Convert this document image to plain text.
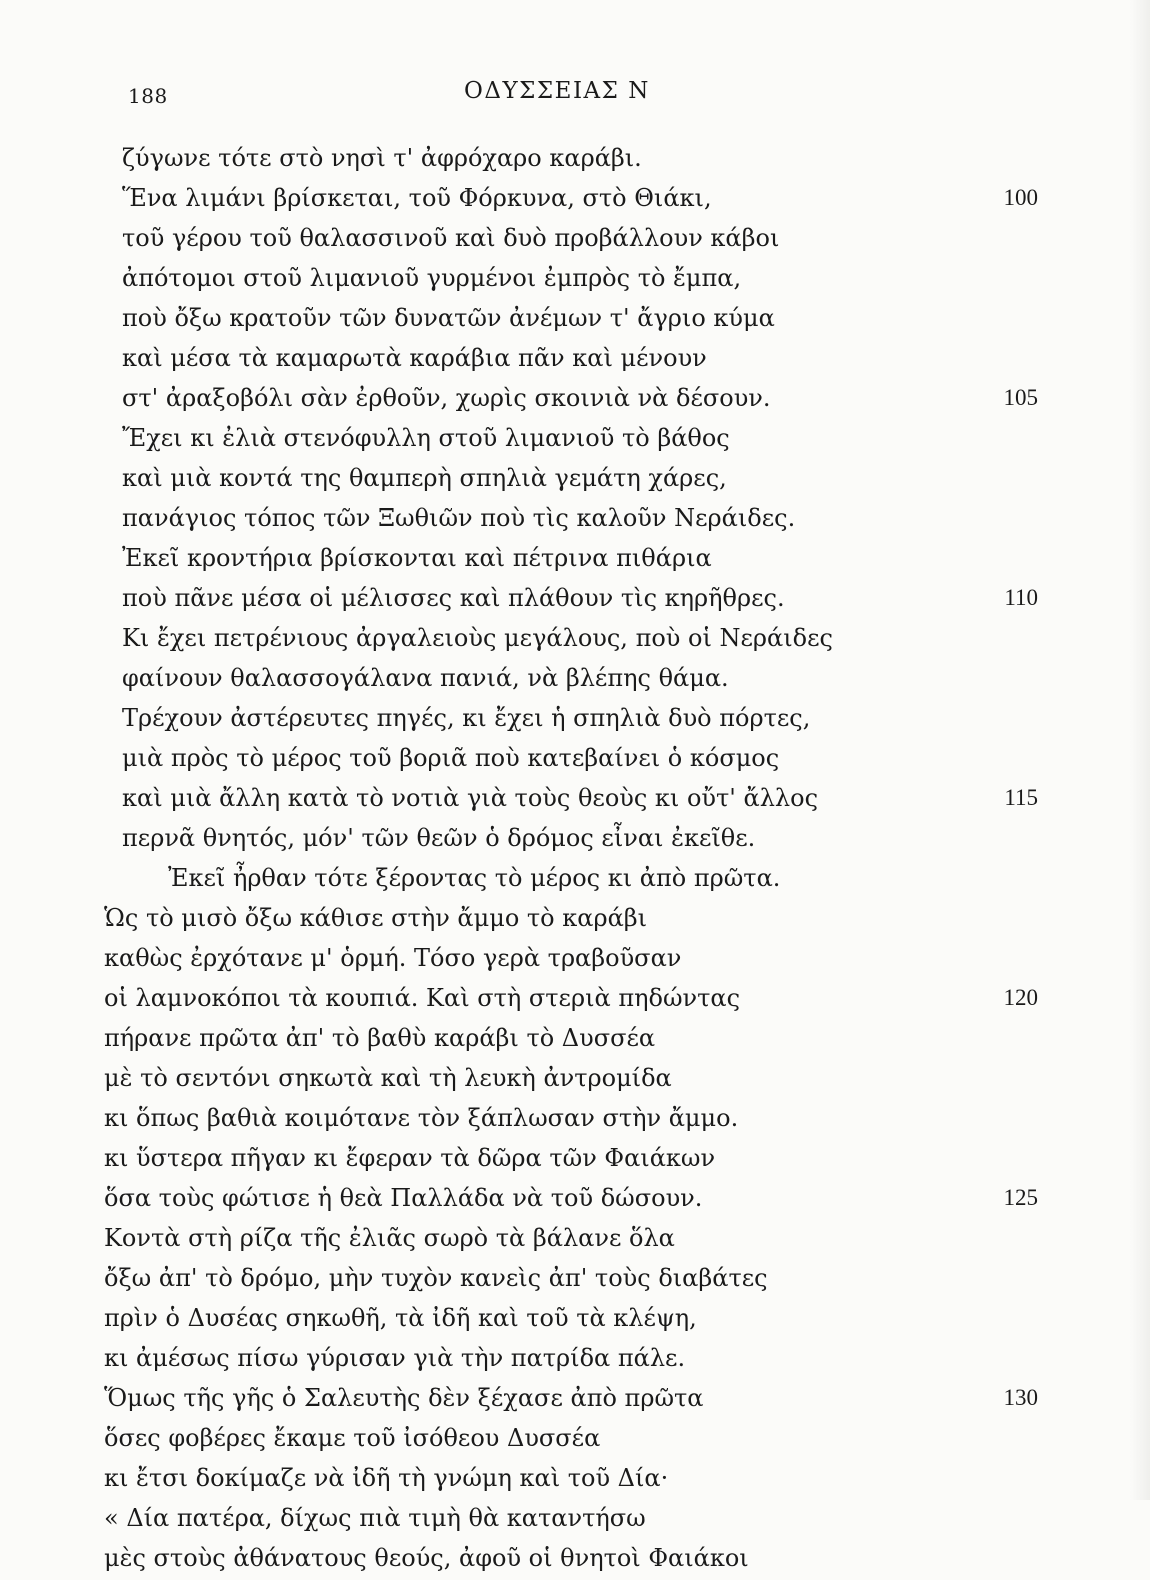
188	ΟΔΥΣΣΕΙΑΣ Ν
ζύγωνε τότε στὸ νησὶ τ' ἀφρόχαρο καράβι.
Ἕνα λιμάνι βρίσκεται, τοῦ Φόρκυνα, στὸ Θιάκι,	100
τοῦ γέρου τοῦ θαλασσινοῦ καὶ δυὸ προβάλλουν κάβοι
ἀπότομοι στοῦ λιμανιοῦ γυρμένοι ἐμπρὸς τὸ ἔμπα,
ποὺ ὄξω κρατοῦν τῶν δυνατῶν ἀνέμων τ' ἄγριο κύμα
καὶ μέσα τὰ καμαρωτὰ καράβια πᾶν καὶ μένουν
στ' ἀραξοβόλι σὰν ἐρθοῦν, χωρὶς σκοινιὰ νὰ δέσουν.	105
Ἔχει κι ἐλιὰ στενόφυλλη στοῦ λιμανιοῦ τὸ βάθος
καὶ μιὰ κοντά της θαμπερὴ σπηλιὰ γεμάτη χάρες,
πανάγιος τόπος τῶν Ξωθιῶν ποὺ τὶς καλοῦν Νεράιδες.
Ἐκεῖ κροντήρια βρίσκονται καὶ πέτρινα πιθάρια
ποὺ πᾶνε μέσα οἱ μέλισσες καὶ πλάθουν τὶς κηρῆθρες.	110
Κι ἔχει πετρένιους ἀργαλειοὺς μεγάλους, ποὺ οἱ Νεράιδες
φαίνουν θαλασσογάλανα πανιά, νὰ βλέπης θάμα.
Τρέχουν ἀστέρευτες πηγές, κι ἔχει ἡ σπηλιὰ δυὸ πόρτες,
μιὰ πρὸς τὸ μέρος τοῦ βοριᾶ ποὺ κατεβαίνει ὁ κόσμος
καὶ μιὰ ἄλλη κατὰ τὸ νοτιὰ γιὰ τοὺς θεοὺς κι οὔτ' ἄλλος	115
περνᾶ θνητός, μόν' τῶν θεῶν ὁ δρόμος εἶναι ἐκεῖθε.
Ἐκεῖ ἦρθαν τότε ξέροντας τὸ μέρος κι ἀπὸ πρῶτα.
Ὡς τὸ μισὸ ὄξω κάθισε στὴν ἄμμο τὸ καράβι
καθὼς ἐρχότανε μ' ὁρμή. Τόσο γερὰ τραβοῦσαν
οἱ λαμνοκόποι τὰ κουπιά. Καὶ στὴ στεριὰ πηδώντας	120
πήρανε πρῶτα ἀπ' τὸ βαθὺ καράβι τὸ Δυσσέα
μὲ τὸ σεντόνι σηκωτὰ καὶ τὴ λευκὴ ἀντρομίδα
κι ὅπως βαθιὰ κοιμότανε τὸν ξάπλωσαν στὴν ἄμμο.
κι ὕστερα πῆγαν κι ἔφεραν τὰ δῶρα τῶν Φαιάκων
ὅσα τοὺς φώτισε ἡ θεὰ Παλλάδα νὰ τοῦ δώσουν.	125
Κοντὰ στὴ ρίζα τῆς ἐλιᾶς σωρὸ τὰ βάλανε ὅλα
ὄξω ἀπ' τὸ δρόμο, μὴν τυχὸν κανεὶς ἀπ' τοὺς διαβάτες
πρὶν ὁ Δυσέας σηκωθῆ, τὰ ἰδῆ καὶ τοῦ τὰ κλέψη,
κι ἀμέσως πίσω γύρισαν γιὰ τὴν πατρίδα πάλε.
Ὅμως τῆς γῆς ὁ Σαλευτὴς δὲν ξέχασε ἀπὸ πρῶτα	130
ὅσες φοβέρες ἔκαμε τοῦ ἰσόθεου Δυσσέα
κι ἔτσι δοκίμαζε νὰ ἰδῆ τὴ γνώμη καὶ τοῦ Δία·
« Δία πατέρα, δίχως πιὰ τιμὴ θὰ καταντήσω
μὲς στοὺς ἀθάνατους θεούς, ἀφοῦ οἱ θνητοὶ Φαιάκοι
